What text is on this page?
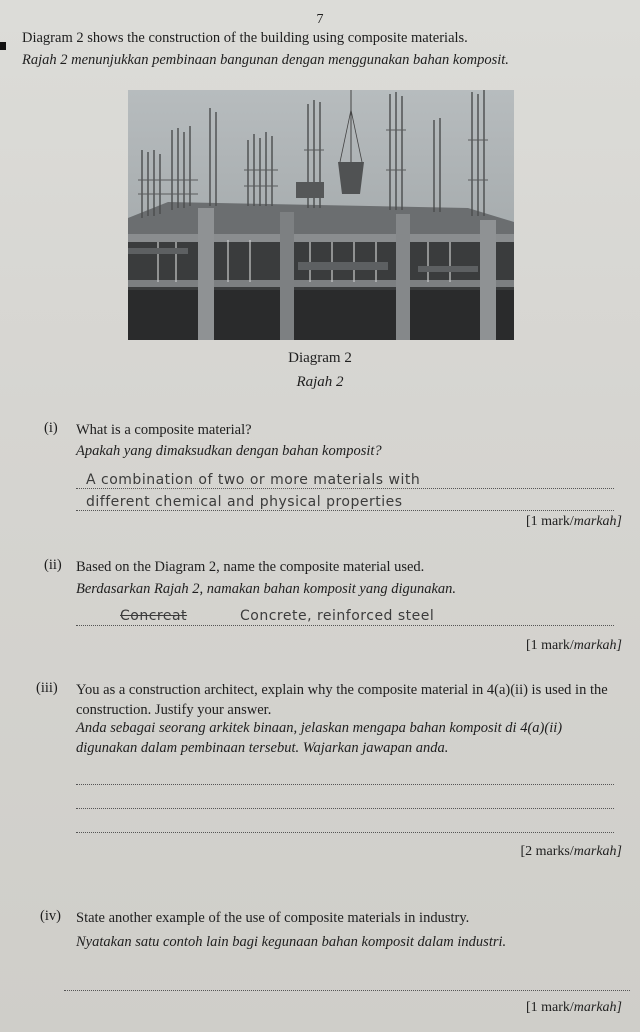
7
Diagram 2 shows the construction of the building using composite materials.
Rajah 2 menunjukkan pembinaan bangunan dengan menggunakan bahan komposit.
Diagram 2
Rajah 2
(i) What is a composite material?
Apakah yang dimaksudkan dengan bahan komposit?
A combination of two or more materials with
different chemical and physical properties
[1 mark/markah]
(ii) Based on the Diagram 2, name the composite material used.
Berdasarkan Rajah 2, namakan bahan komposit yang digunakan.
Concreat	Concrete, reinforced steel
[1 mark/markah]
(iii) You as a construction architect, explain why the composite material in 4(a)(ii) is used in the construction. Justify your answer.
Anda sebagai seorang arkitek binaan, jelaskan mengapa bahan komposit di 4(a)(ii) digunakan dalam pembinaan tersebut. Wajarkan jawapan anda.
[2 marks/markah]
(iv) State another example of the use of composite materials in industry.
Nyatakan satu contoh lain bagi kegunaan bahan komposit dalam industri.
[1 mark/markah]
